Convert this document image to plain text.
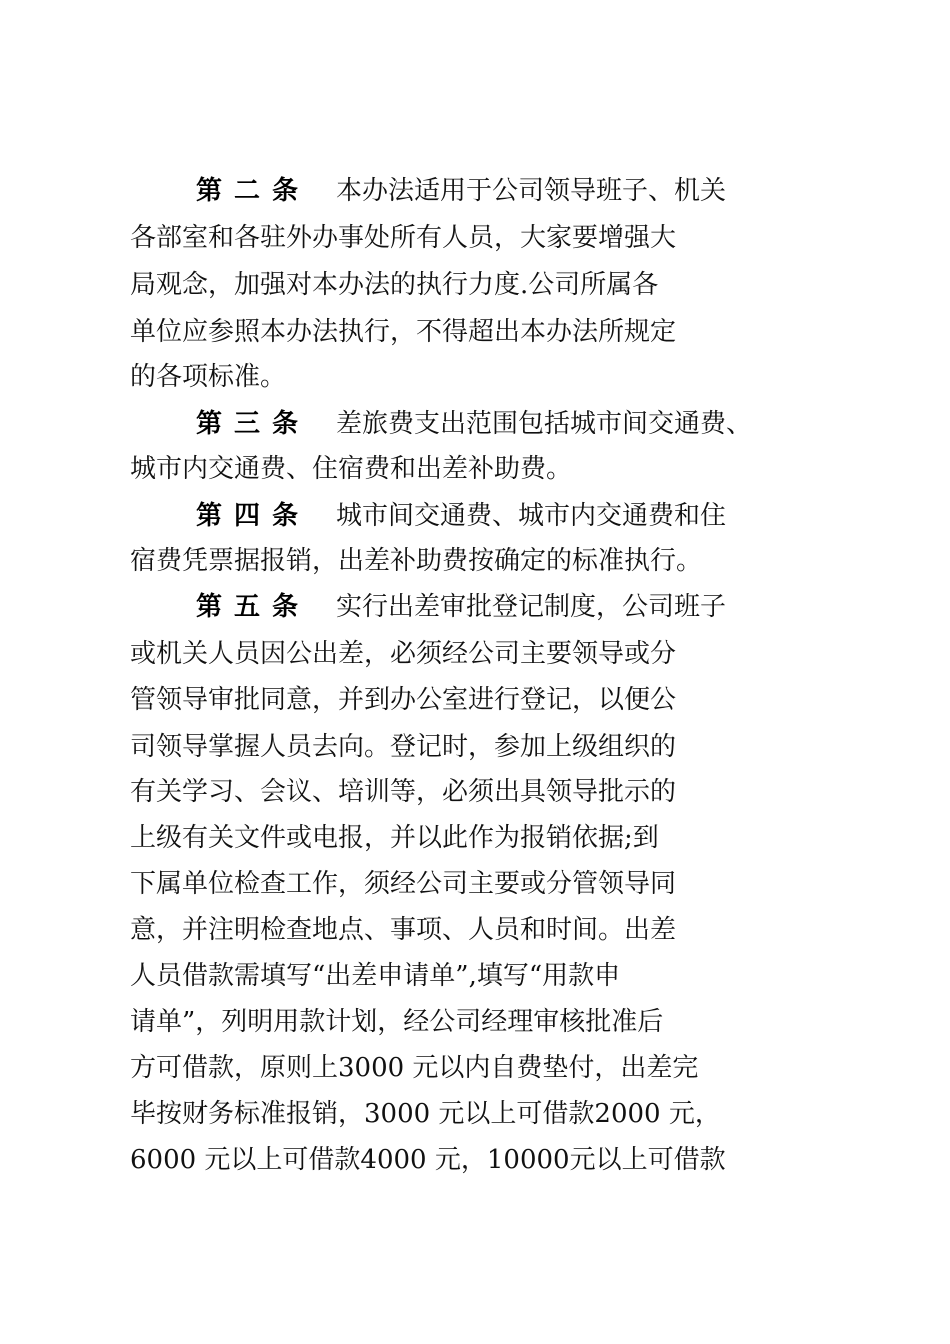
第二条 本办法适用于公司领导班子、机关
各部室和各驻外办事处所有人员，大家要增强大
局观念，加强对本办法的执行力度.公司所属各
单位应参照本办法执行，不得超出本办法所规定
的各项标准。
第三条 差旅费支出范围包括城市间交通费、
城市内交通费、住宿费和出差补助费。
第四条 城市间交通费、城市内交通费和住
宿费凭票据报销，出差补助费按确定的标准执行。
第五条 实行出差审批登记制度，公司班子
或机关人员因公出差，必须经公司主要领导或分
管领导审批同意，并到办公室进行登记，以便公
司领导掌握人员去向。登记时，参加上级组织的
有关学习、会议、培训等，必须出具领导批示的
上级有关文件或电报，并以此作为报销依据;到
下属单位检查工作，须经公司主要或分管领导同
意，并注明检查地点、事项、人员和时间。出差
人员借款需填写“出差申请单”,填写“用款申
请单”，列明用款计划，经公司经理审核批准后
方可借款，原则上3000 元以内自费垫付，出差完
毕按财务标准报销，3000 元以上可借款2000 元，
6000 元以上可借款4000 元，10000元以上可借款
